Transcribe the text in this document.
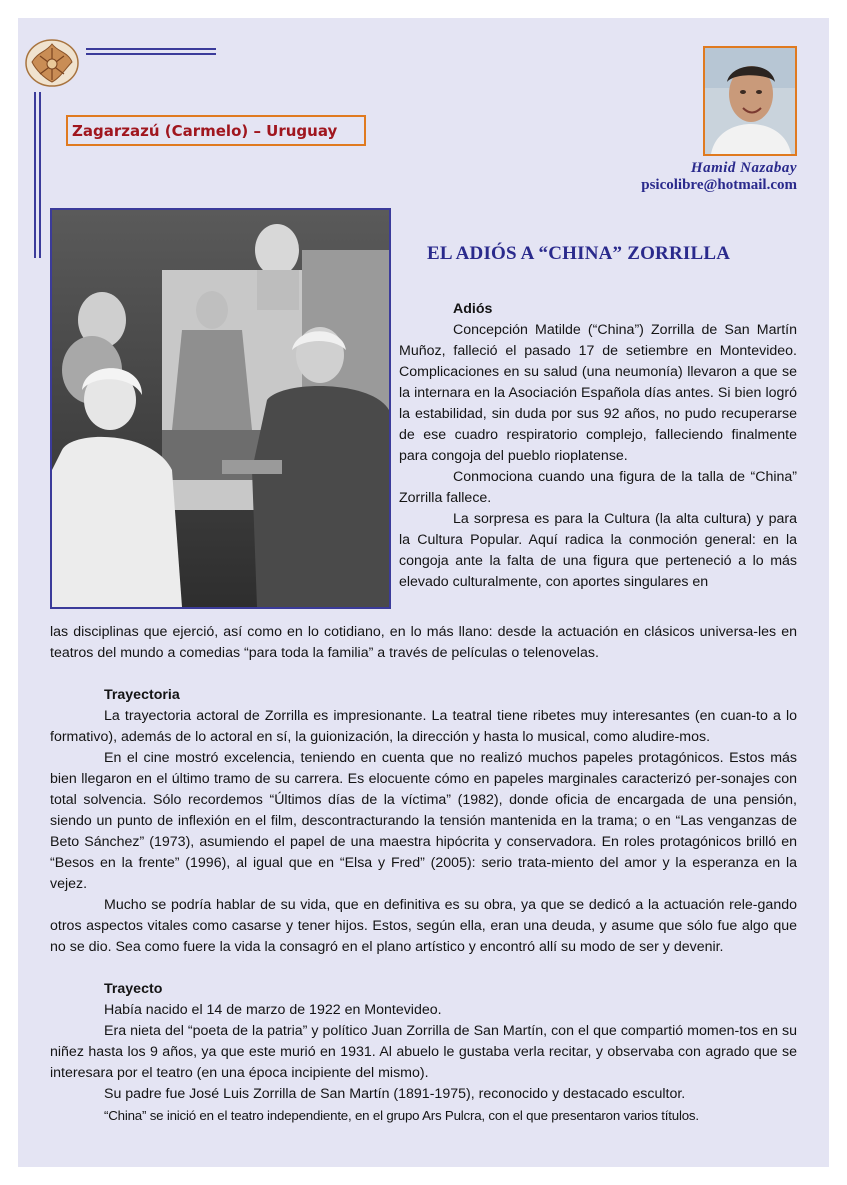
Zagarzazú (Carmelo) – Uruguay
Hamid Nazabay
psicolibre@hotmail.com
EL ADIÓS A “CHINA” ZORRILLA
Adiós

Concepción Matilde (“China”) Zorrilla de San Martín Muñoz, falleció el pasado 17 de setiembre en Montevideo. Complicaciones en su salud (una neumonía) llevaron a que se la internara en la Asociación Española días antes. Si bien logró la estabilidad, sin duda por sus 92 años, no pudo recuperarse de ese cuadro respiratorio complejo, falleciendo finalmente para congoja del pueblo rioplatense.

Conmociona cuando una figura de la talla de “China” Zorrilla fallece.

La sorpresa es para la Cultura (la alta cultura) y para la Cultura Popular. Aquí radica la conmoción general: en la congoja ante la falta de una figura que perteneció a lo más elevado culturalmente, con aportes singulares en

las disciplinas que ejerció, así como en lo cotidiano, en lo más llano: desde la actuación en clásicos universa-les en teatros del mundo a comedias “para toda la familia” a través de películas o telenovelas.

Trayectoria

La trayectoria actoral de Zorrilla es impresionante. La teatral tiene ribetes muy interesantes (en cuan-to a lo formativo), además de lo actoral en sí, la guionización, la dirección y hasta lo musical, como aludire-mos.

En el cine mostró excelencia, teniendo en cuenta que no realizó muchos papeles protagónicos. Estos más bien llegaron en el último tramo de su carrera. Es elocuente cómo en papeles marginales caracterizó per-sonajes con total solvencia. Sólo recordemos “Últimos días de la víctima” (1982), donde oficia de encargada de una pensión, siendo un punto de inflexión en el film, descontracturando la tensión mantenida en la trama; o en “Las venganzas de Beto Sánchez” (1973), asumiendo el papel de una maestra hipócrita y conservadora. En roles protagónicos brilló en “Besos en la frente” (1996), al igual que en “Elsa y Fred” (2005): serio trata-miento del amor y la esperanza en la vejez.

Mucho se podría hablar de su vida, que en definitiva es su obra, ya que se dedicó a la actuación rele-gando otros aspectos vitales como casarse y tener hijos. Estos, según ella, eran una deuda, y asume que sólo fue algo que no se dio. Sea como fuere la vida la consagró en el plano artístico y encontró allí su modo de ser y devenir.

Trayecto

Había nacido el 14 de marzo de 1922 en Montevideo.

Era nieta del “poeta de la patria” y político Juan Zorrilla de San Martín, con el que compartió momen-tos en su niñez hasta los 9 años, ya que este murió en 1931. Al abuelo le gustaba verla recitar, y observaba con agrado que se interesara por el teatro (en una época incipiente del mismo).

Su padre fue José Luis Zorrilla de San Martín (1891-1975), reconocido y destacado escultor.

“China” se inició en el teatro independiente, en el grupo Ars Pulcra, con el que presentaron varios títulos.
